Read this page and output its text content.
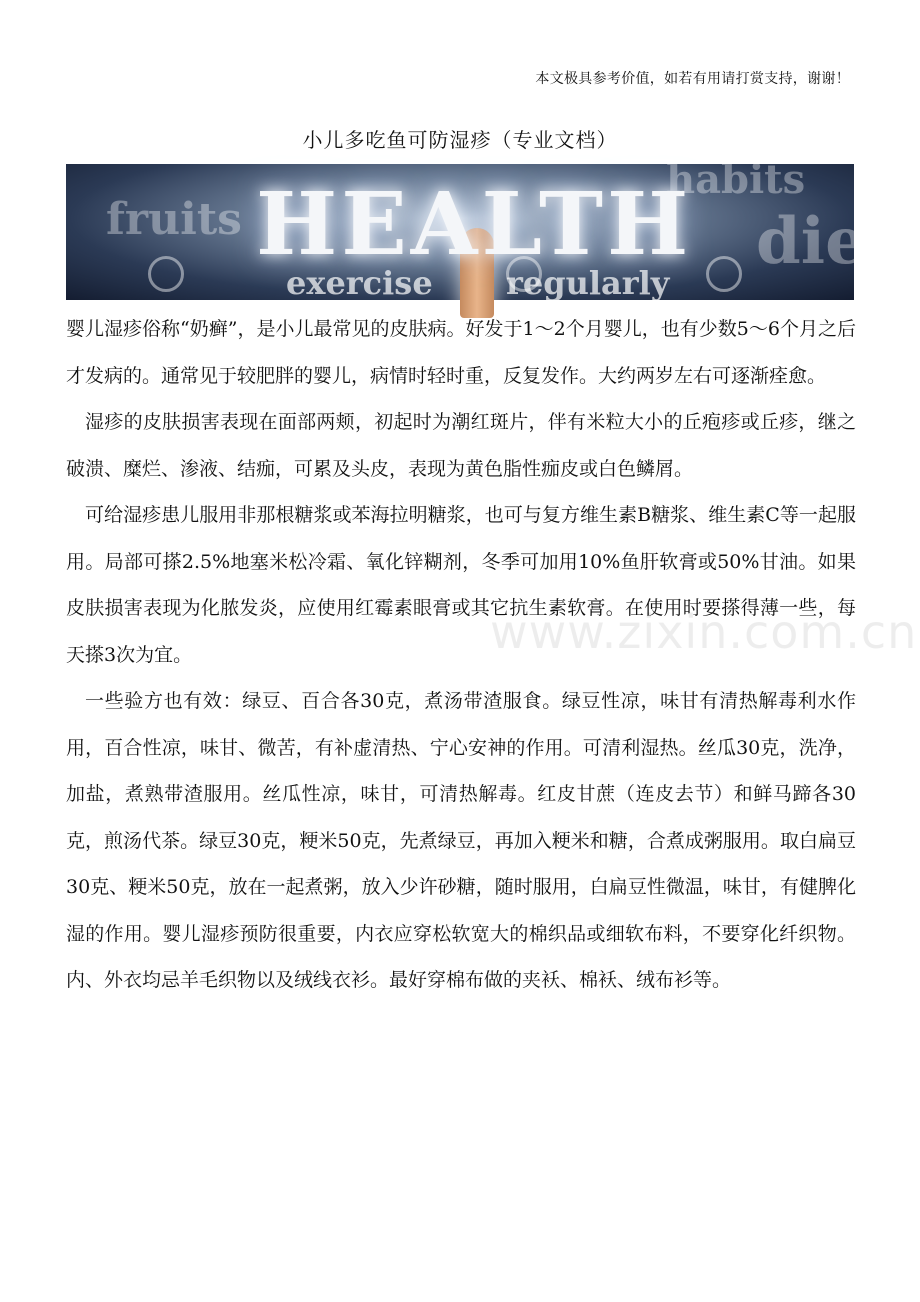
本文极具参考价值，如若有用请打赏支持，谢谢！
小儿多吃鱼可防湿疹（专业文档）
fruits
habits
diet
exercise regularly
HEALTH

婴儿湿疹俗称“奶癣”，是小儿最常见的皮肤病。好发于1～2个月婴儿，也有少数5～6个月之后才发病的。通常见于较肥胖的婴儿，病情时轻时重，反复发作。大约两岁左右可逐渐痊愈。

湿疹的皮肤损害表现在面部两颊，初起时为潮红斑片，伴有米粒大小的丘疱疹或丘疹，继之破溃、糜烂、渗液、结痂，可累及头皮，表现为黄色脂性痂皮或白色鳞屑。

可给湿疹患儿服用非那根糖浆或苯海拉明糖浆，也可与复方维生素B糖浆、维生素C等一起服用。局部可搽2.5%地塞米松冷霜、氧化锌糊剂，冬季可加用10%鱼肝软膏或50%甘油。如果皮肤损害表现为化脓发炎，应使用红霉素眼膏或其它抗生素软膏。在使用时要搽得薄一些，每天搽3次为宜。

一些验方也有效：绿豆、百合各30克，煮汤带渣服食。绿豆性凉，味甘有清热解毒利水作用，百合性凉，味甘、微苦，有补虚清热、宁心安神的作用。可清利湿热。丝瓜30克，洗净，加盐，煮熟带渣服用。丝瓜性凉，味甘，可清热解毒。红皮甘蔗（连皮去节）和鲜马蹄各30克，煎汤代茶。绿豆30克，粳米50克，先煮绿豆，再加入粳米和糖，合煮成粥服用。取白扁豆30克、粳米50克，放在一起煮粥，放入少许砂糖，随时服用，白扁豆性微温，味甘，有健脾化湿的作用。婴儿湿疹预防很重要，内衣应穿松软宽大的棉织品或细软布料，不要穿化纤织物。内、外衣均忌羊毛织物以及绒线衣衫。最好穿棉布做的夹袄、棉袄、绒布衫等。

www.zixin.com.cn
